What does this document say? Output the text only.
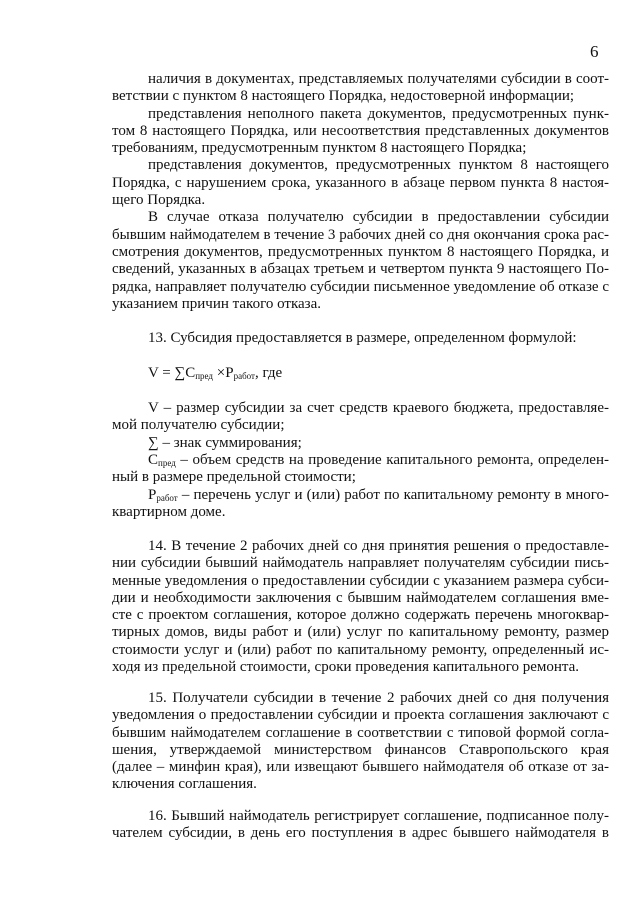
6
наличия в документах, представляемых получателями субсидии в соот-
ветствии с пунктом 8 настоящего Порядка, недостоверной информации;
представления неполного пакета документов, предусмотренных пунк-
том 8 настоящего Порядка, или несоответствия представленных документов
требованиям, предусмотренным пунктом 8 настоящего Порядка;
представления документов, предусмотренных пунктом 8 настоящего
Порядка, с нарушением срока, указанного в абзаце первом пункта 8 настоя-
щего Порядка.
В случае отказа получателю субсидии в предоставлении субсидии
бывшим наймодателем в течение 3 рабочих дней со дня окончания срока рас-
смотрения документов, предусмотренных пунктом 8 настоящего Порядка, и
сведений, указанных в абзацах третьем и четвертом пункта 9 настоящего По-
рядка, направляет получателю субсидии письменное уведомление об отказе с
указанием причин такого отказа.
13. Субсидия предоставляется в размере, определенном формулой:
$V = \sum С_{пред} \times Р_{работ}$, где
V – размер субсидии за счет средств краевого бюджета, предоставляе-
мой получателю субсидии;
∑ – знак суммирования;
$С_{пред}$ – объем средств на проведение капитального ремонта, определен-
ный в размере предельной стоимости;
$Р_{работ}$ – перечень услуг и (или) работ по капитальному ремонту в много-
квартирном доме.
14. В течение 2 рабочих дней со дня принятия решения о предоставле-
нии субсидии бывший наймодатель направляет получателям субсидии пись-
менные уведомления о предоставлении субсидии с указанием размера субси-
дии и необходимости заключения с бывшим наймодателем соглашения вме-
сте с проектом соглашения, которое должно содержать перечень многоквар-
тирных домов, виды работ и (или) услуг по капитальному ремонту, размер
стоимости услуг и (или) работ по капитальному ремонту, определенный ис-
ходя из предельной стоимости, сроки проведения капитального ремонта.
15. Получатели субсидии в течение 2 рабочих дней со дня получения
уведомления о предоставлении субсидии и проекта соглашения заключают с
бывшим наймодателем соглашение в соответствии с типовой формой согла-
шения, утверждаемой министерством финансов Ставропольского края
(далее – минфин края), или извещают бывшего наймодателя об отказе от за-
ключения соглашения.
16. Бывший наймодатель регистрирует соглашение, подписанное полу-
чателем субсидии, в день его поступления в адрес бывшего наймодателя в
